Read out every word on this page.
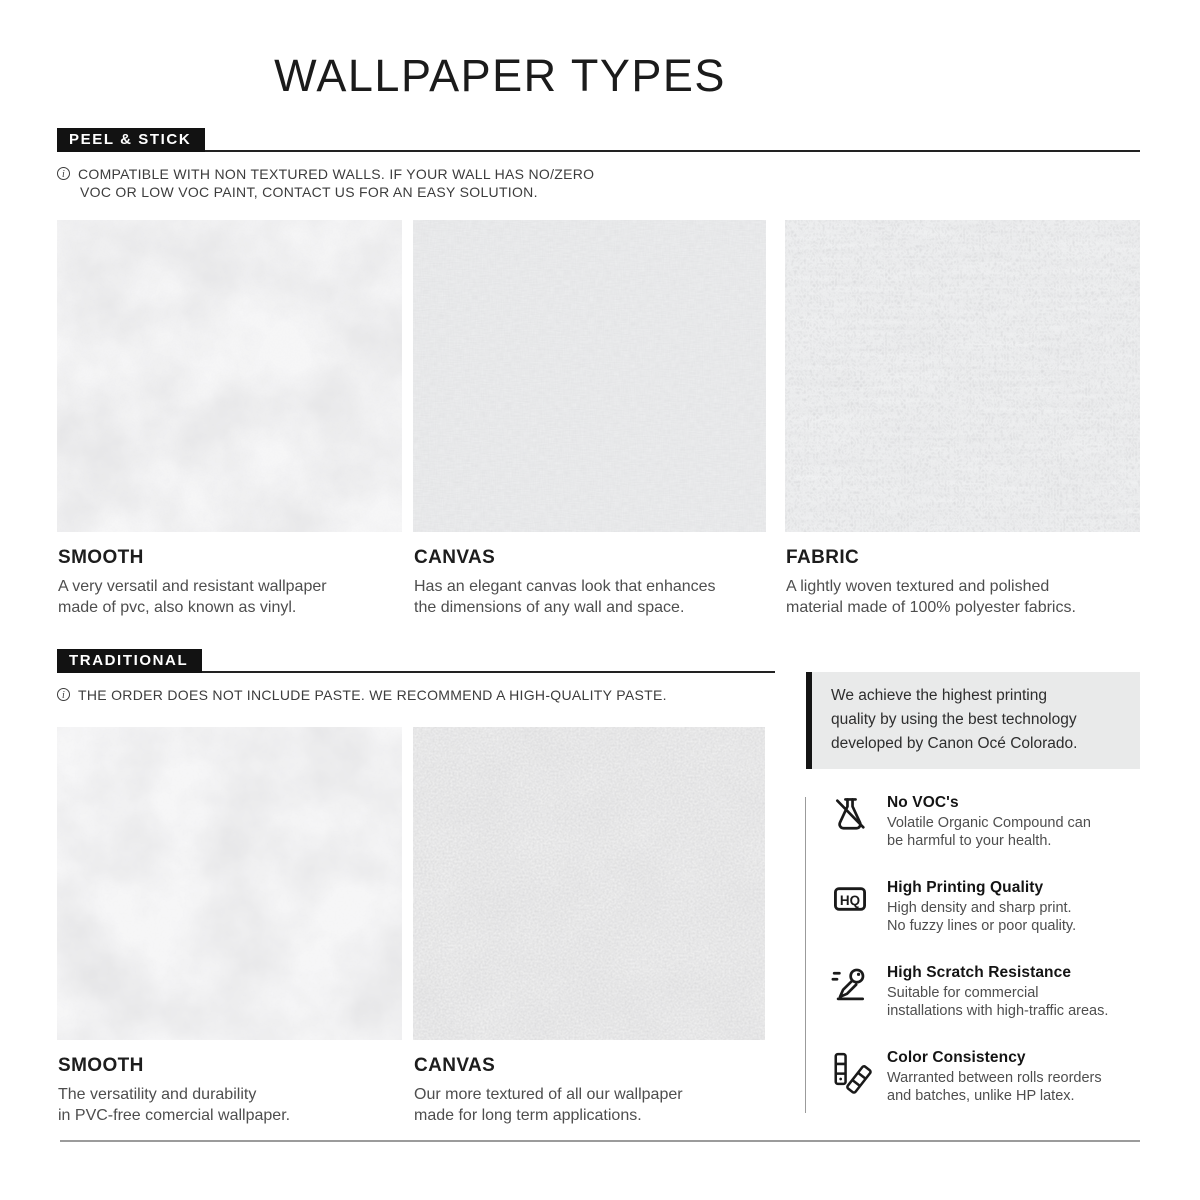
WALLPAPER TYPES
PEEL & STICK
i COMPATIBLE WITH NON TEXTURED WALLS. IF YOUR WALL HAS NO/ZERO
VOC OR LOW VOC PAINT, CONTACT US FOR AN EASY SOLUTION.
SMOOTH

A very versatil and resistant wallpaper
made of pvc, also known as vinyl.

CANVAS

Has an elegant canvas look that enhances
the dimensions of any wall and space.

FABRIC

A lightly woven textured and polished
material made of 100% polyester fabrics.

TRADITIONAL
i THE ORDER DOES NOT INCLUDE PASTE. WE RECOMMEND A HIGH-QUALITY PASTE.	We achieve the highest printing
quality by using the best technology
developed by Canon Océ Colorado.
SMOOTH

The versatility and durability
in PVC-free comercial wallpaper.

CANVAS

Our more textured of all our wallpaper
made for long term applications.

No VOC's

Volatile Organic Compound can
be harmful to your health.

HQ

High Printing Quality

High density and sharp print.
No fuzzy lines or poor quality.

High Scratch Resistance

Suitable for commercial
installations with high-traffic areas.

Color Consistency

Warranted between rolls reorders
and batches, unlike HP latex.
